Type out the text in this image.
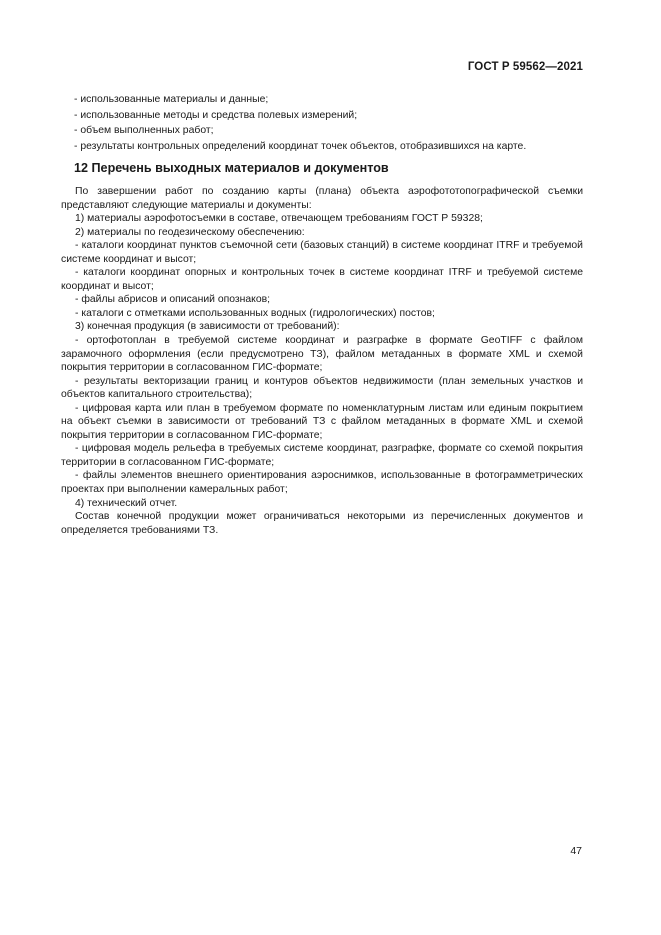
ГОСТ Р 59562—2021
- использованные материалы и данные;
- использованные методы и средства полевых измерений;
- объем выполненных работ;
- результаты контрольных определений координат точек объектов, отобразившихся на карте.
12 Перечень выходных материалов и документов

По завершении работ по созданию карты (плана) объекта аэрофототопографической съемки представляют следующие материалы и документы:

1) материалы аэрофотосъемки в составе, отвечающем требованиям ГОСТ Р 59328;

2) материалы по геодезическому обеспечению:

- каталоги координат пунктов съемочной сети (базовых станций) в системе координат ITRF и требуемой системе координат и высот;

- каталоги координат опорных и контрольных точек в системе координат ITRF и требуемой системе координат и высот;

- файлы абрисов и описаний опознаков;

- каталоги с отметками использованных водных (гидрологических) постов;

3) конечная продукция (в зависимости от требований):

- ортофотоплан в требуемой системе координат и разграфке в формате GeoTIFF с файлом зарамочного оформления (если предусмотрено ТЗ), файлом метаданных в формате XML и схемой покрытия территории в согласованном ГИС-формате;

- результаты векторизации границ и контуров объектов недвижимости (план земельных участков и объектов капитального строительства);

- цифровая карта или план в требуемом формате по номенклатурным листам или единым покрытием на объект съемки в зависимости от требований ТЗ с файлом метаданных в формате XML и схемой покрытия территории в согласованном ГИС-формате;

- цифровая модель рельефа в требуемых системе координат, разграфке, формате со схемой покрытия территории в согласованном ГИС-формате;

- файлы элементов внешнего ориентирования аэроснимков, использованные в фотограмметрических проектах при выполнении камеральных работ;

4) технический отчет.

Состав конечной продукции может ограничиваться некоторыми из перечисленных документов и определяется требованиями ТЗ.

47
